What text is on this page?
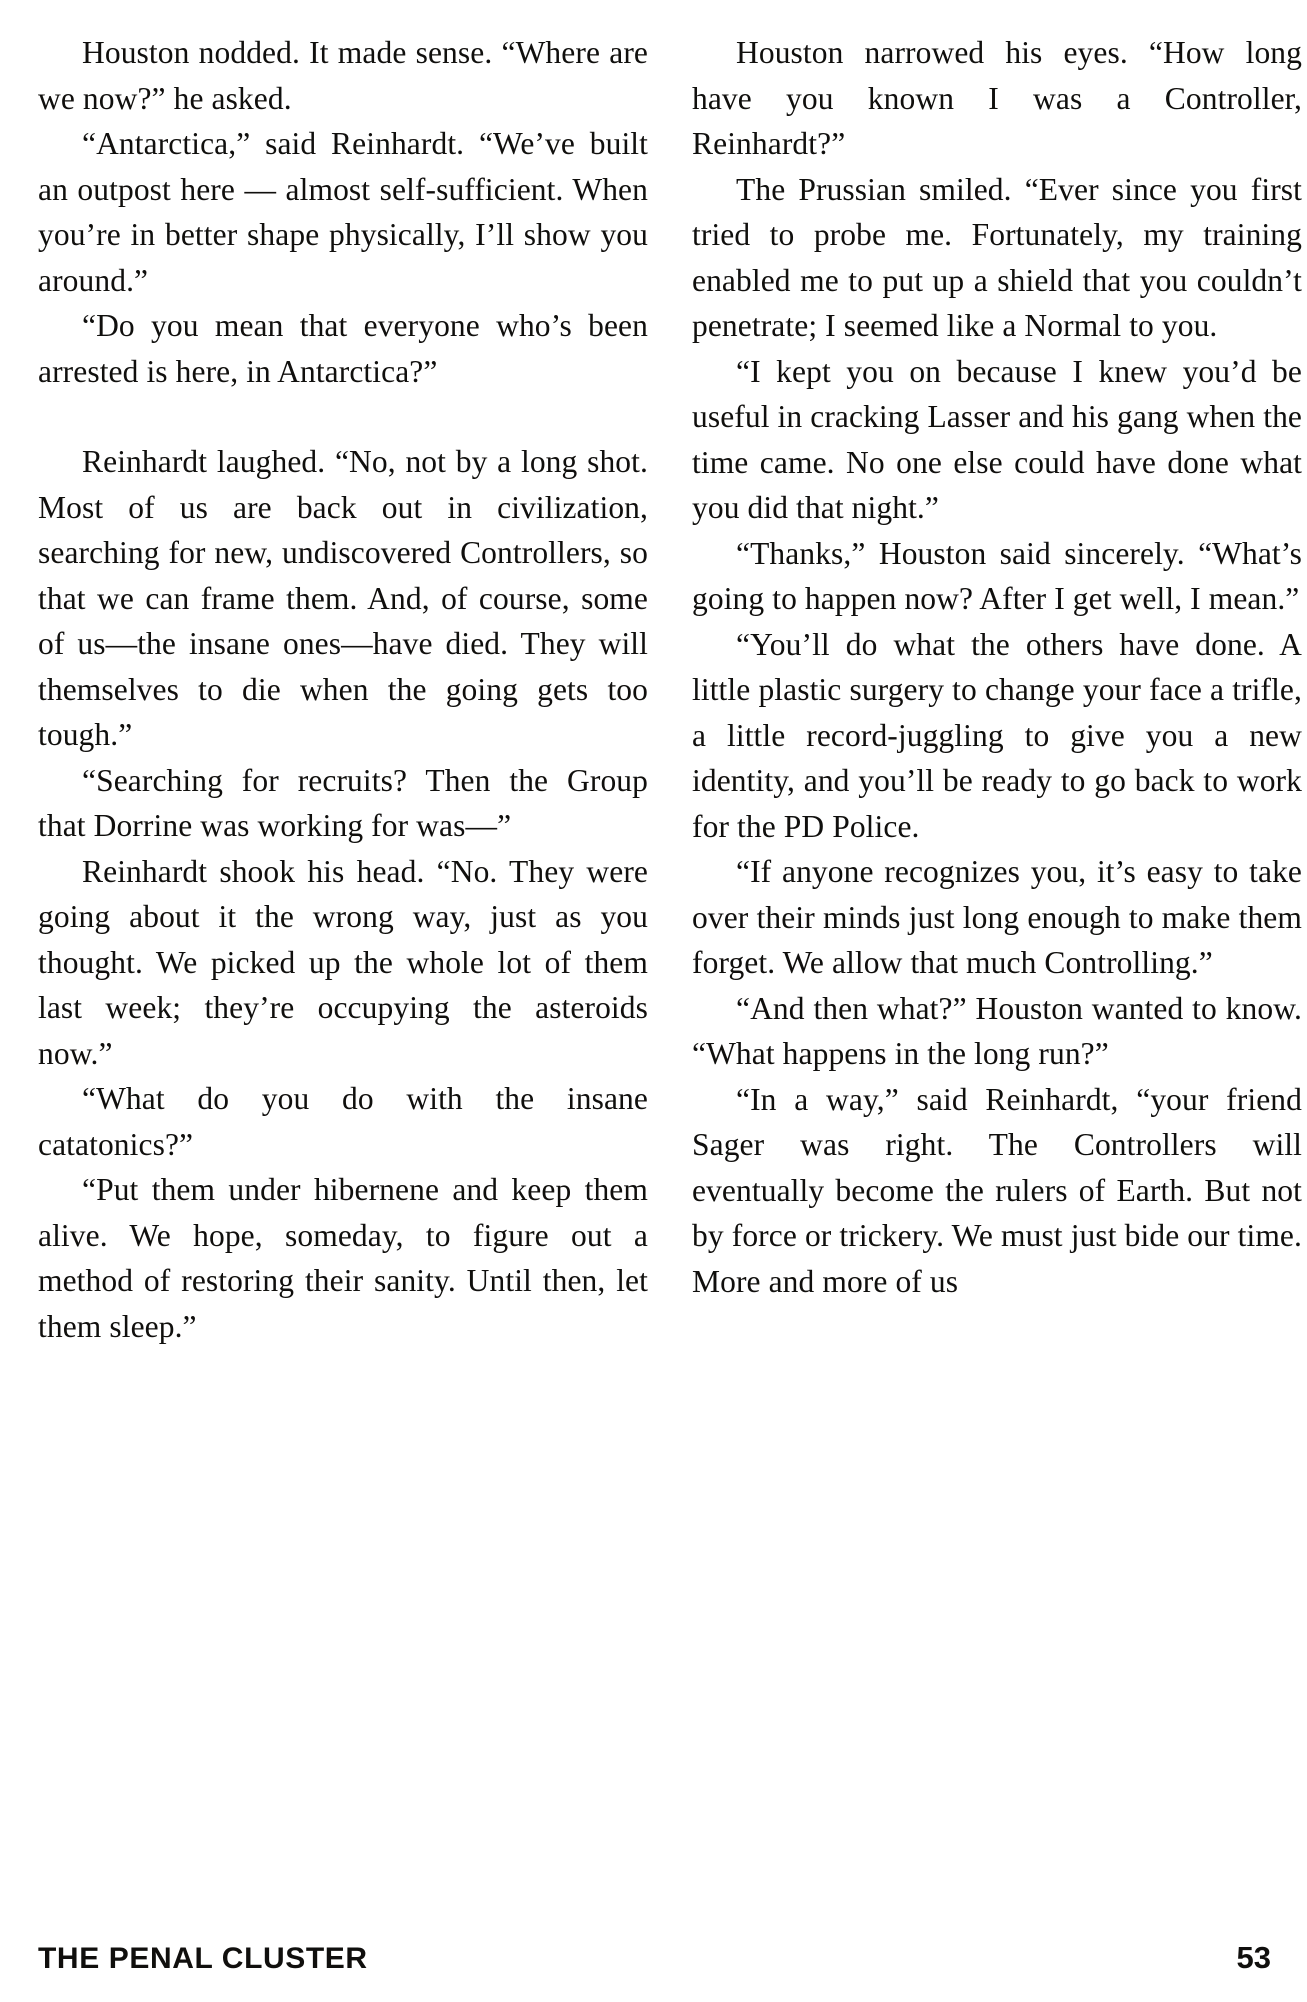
Houston nodded. It made sense. “Where are we now?” he asked.

“Antarctica,” said Reinhardt. “We’ve built an outpost here — almost self-sufficient. When you’re in better shape physically, I’ll show you around.”

“Do you mean that everyone who’s been arrested is here, in Antarctica?”

Reinhardt laughed. “No, not by a long shot. Most of us are back out in civilization, searching for new, undiscovered Controllers, so that we can frame them. And, of course, some of us—the insane ones—have died. They will themselves to die when the going gets too tough.”

“Searching for recruits? Then the Group that Dorrine was working for was—”

Reinhardt shook his head. “No. They were going about it the wrong way, just as you thought. We picked up the whole lot of them last week; they’re occupying the asteroids now.”

“What do you do with the insane catatonics?”

“Put them under hibernene and keep them alive. We hope, someday, to figure out a method of restoring their sanity. Until then, let them sleep.”

Houston narrowed his eyes. “How long have you known I was a Controller, Reinhardt?”

The Prussian smiled. “Ever since you first tried to probe me. Fortunately, my training enabled me to put up a shield that you couldn’t penetrate; I seemed like a Normal to you.

“I kept you on because I knew you’d be useful in cracking Lasser and his gang when the time came. No one else could have done what you did that night.”

“Thanks,” Houston said sincerely. “What’s going to happen now? After I get well, I mean.”

“You’ll do what the others have done. A little plastic surgery to change your face a trifle, a little record-juggling to give you a new identity, and you’ll be ready to go back to work for the PD Police.

“If anyone recognizes you, it’s easy to take over their minds just long enough to make them forget. We allow that much Controlling.”

“And then what?” Houston wanted to know. “What happens in the long run?”

“In a way,” said Reinhardt, “your friend Sager was right. The Controllers will eventually become the rulers of Earth. But not by force or trickery. We must just bide our time. More and more of us

THE PENAL CLUSTER	53
